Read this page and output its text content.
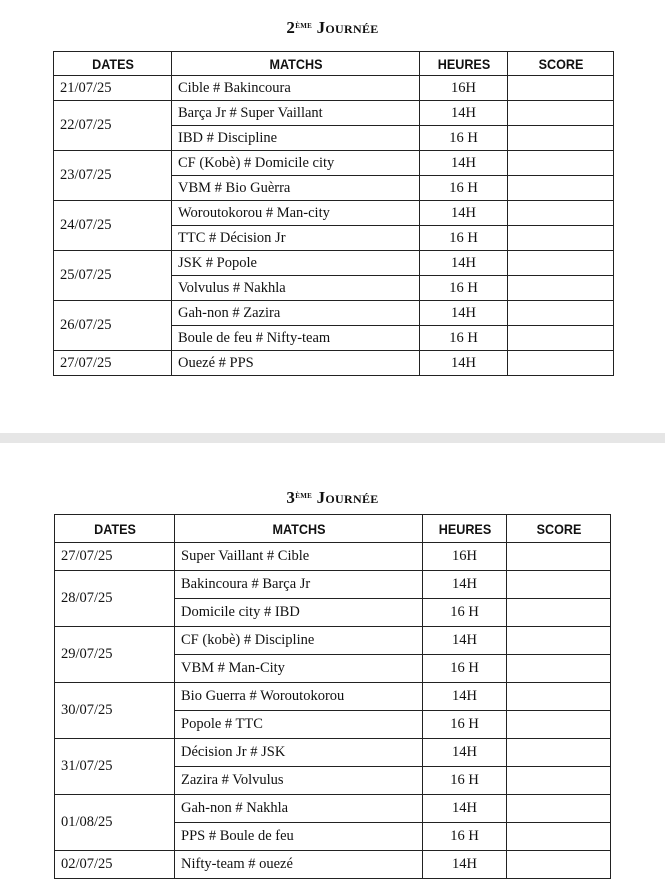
2ème Journée
DATES	MATCHS	HEURES	SCORE
21/07/25	Cible # Bakincoura	16H	
22/07/25	Barça Jr # Super Vaillant	14H	
	IBD # Discipline	16 H	
23/07/25	CF (Kobè) # Domicile city	14H	
	VBM # Bio Guèrra	16 H	
24/07/25	Woroutokorou # Man-city	14H	
	TTC # Décision Jr	16 H	
25/07/25	JSK # Popole	14H	
	Volvulus # Nakhla	16 H	
26/07/25	Gah-non # Zazira	14H	
	Boule de feu # Nifty-team	16 H	
27/07/25	Ouezé # PPS	14H	
3ème Journée
DATES	MATCHS	HEURES	SCORE
27/07/25	Super Vaillant # Cible	16H	
28/07/25	Bakincoura # Barça Jr	14H	
	Domicile city # IBD	16 H	
29/07/25	CF (kobè) # Discipline	14H	
	VBM # Man-City	16 H	
30/07/25	Bio Guerra # Woroutokorou	14H	
	Popole # TTC	16 H	
31/07/25	Décision Jr # JSK	14H	
	Zazira # Volvulus	16 H	
01/08/25	Gah-non # Nakhla	14H	
	PPS # Boule de feu	16 H	
02/07/25	Nifty-team # ouezé	14H	
